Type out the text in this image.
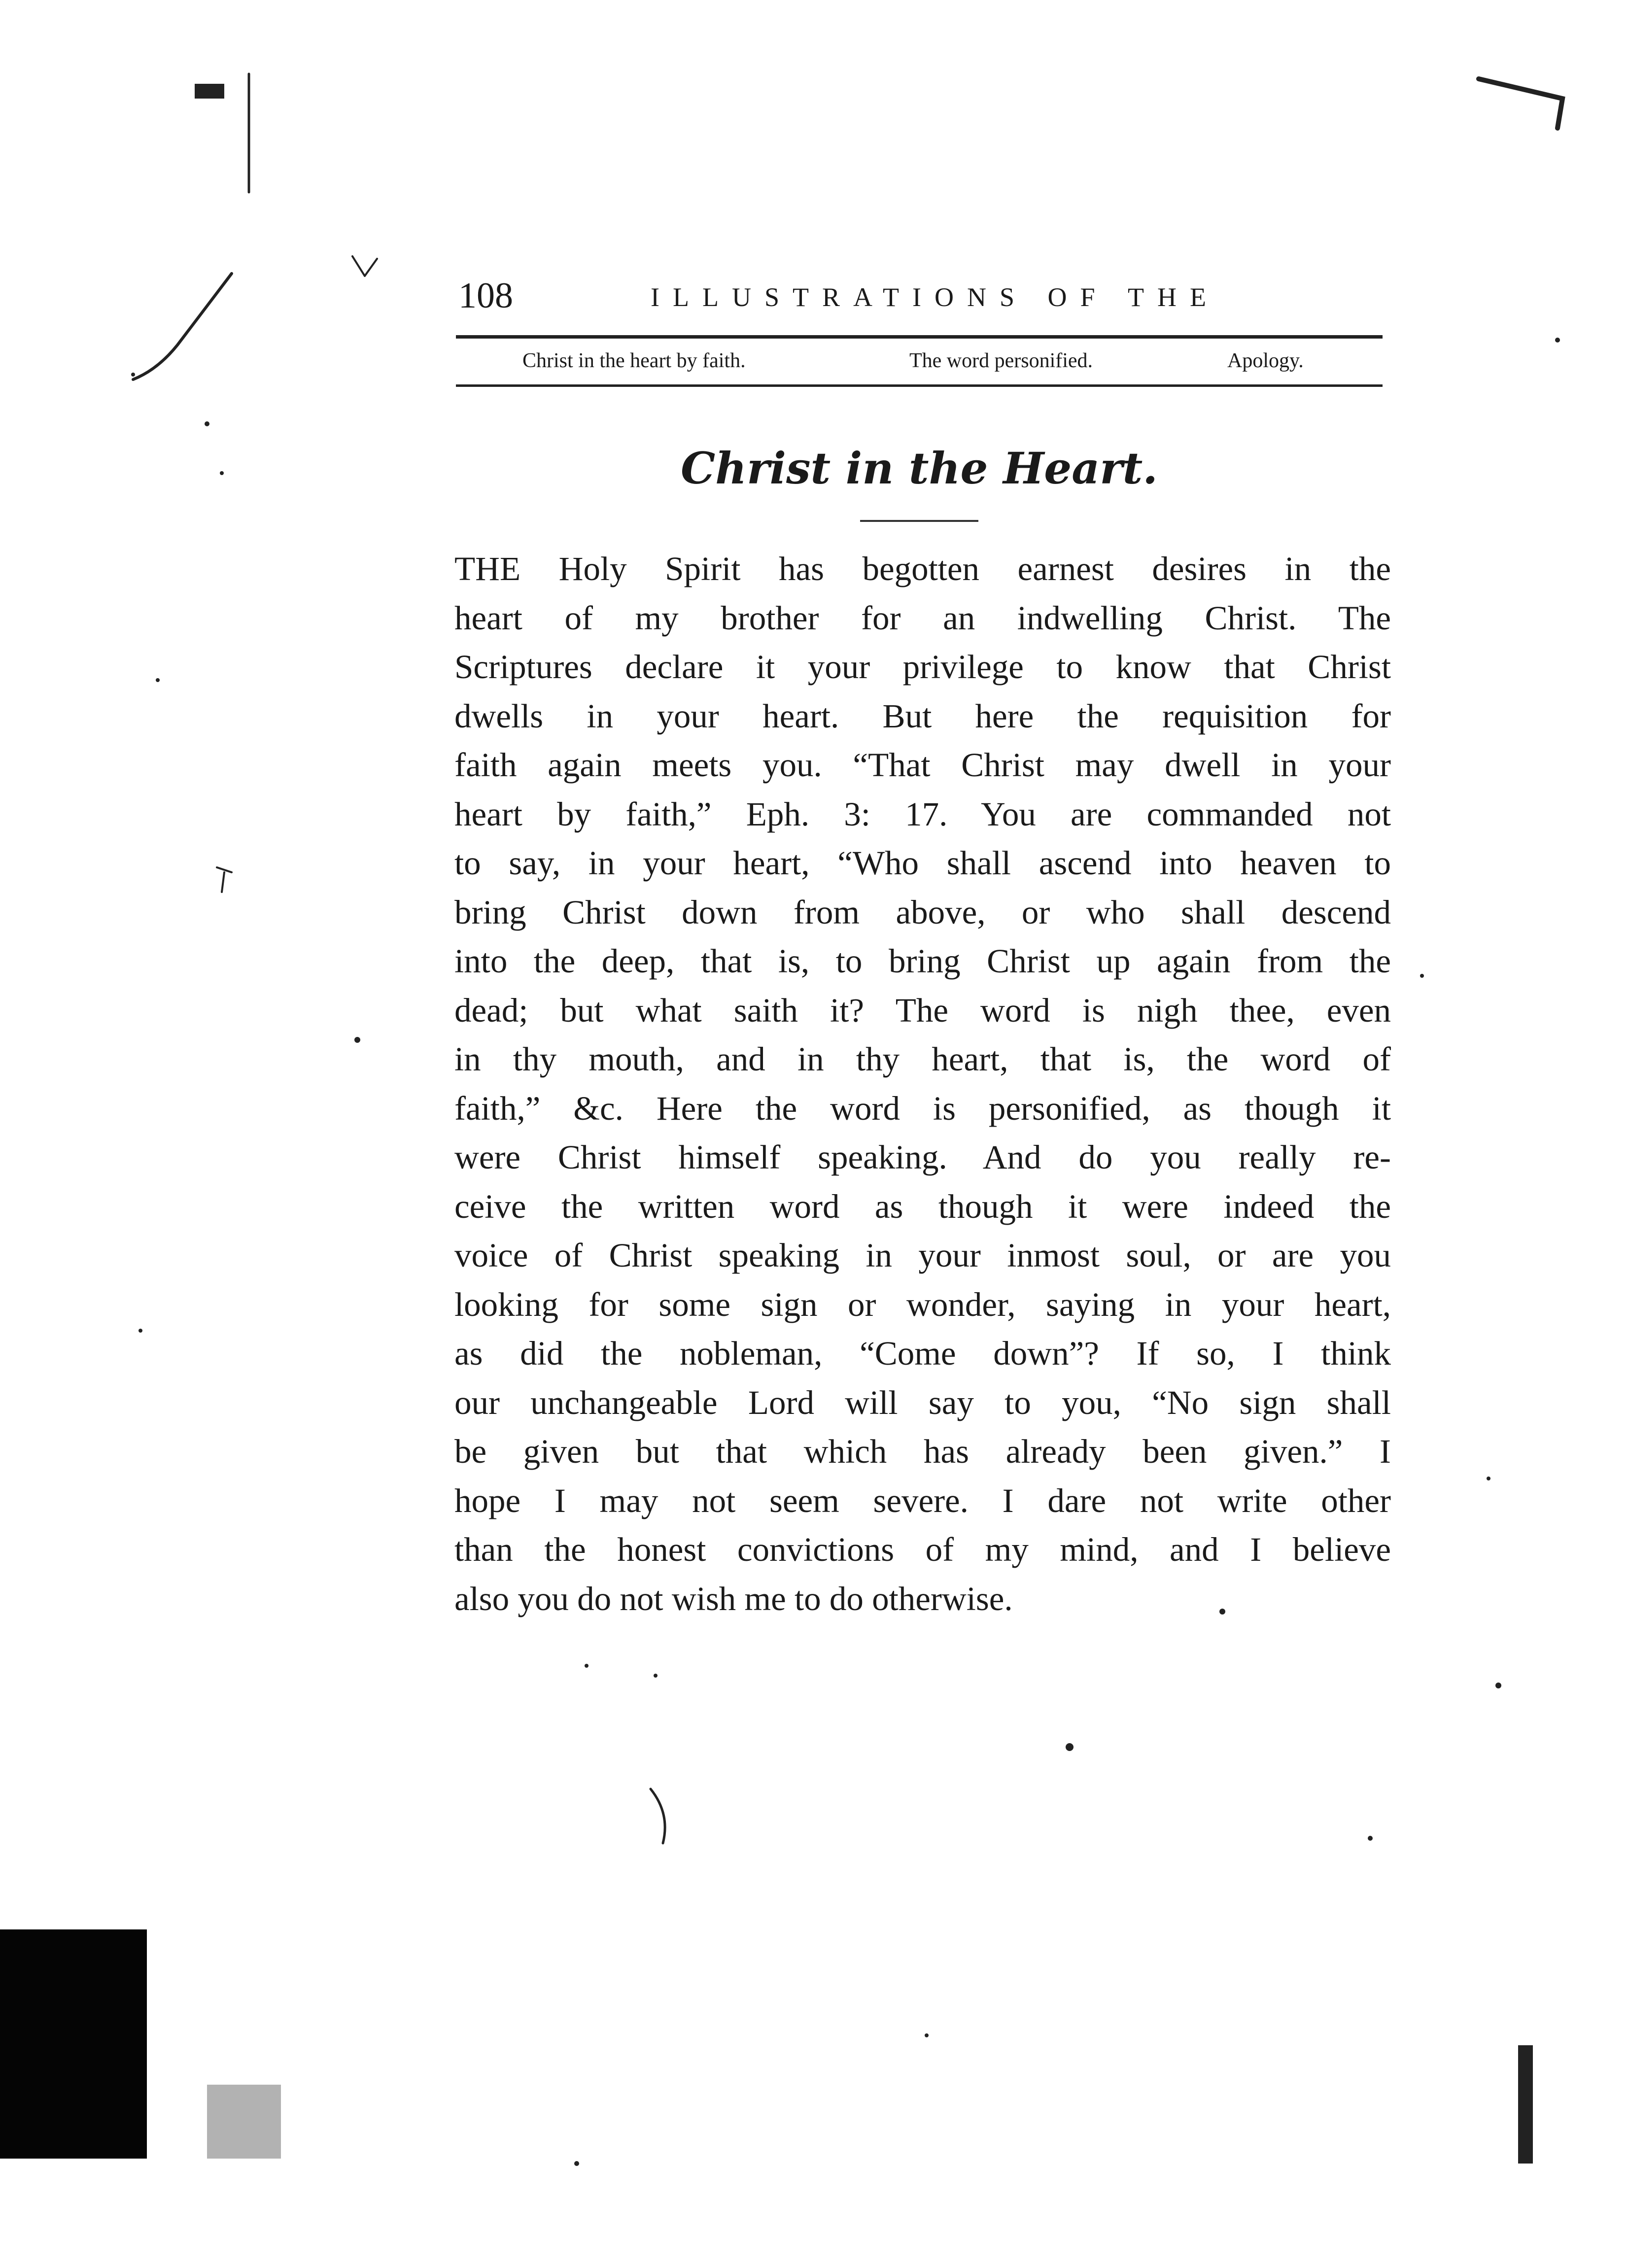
108	ILLUSTRATIONS OF THE
Christ in the heart by faith.	The word personified.	Apology.
Christ in the Heart.
THE Holy Spirit has begotten earnest desires in the
heart of my brother for an indwelling Christ. The
Scriptures declare it your privilege to know that Christ
dwells in your heart. But here the requisition for
faith again meets you. “That Christ may dwell in your
heart by faith,” Eph. 3: 17. You are commanded not
to say, in your heart, “Who shall ascend into heaven to
bring Christ down from above, or who shall descend
into the deep, that is, to bring Christ up again from the
dead; but what saith it? The word is nigh thee, even
in thy mouth, and in thy heart, that is, the word of
faith,” &c. Here the word is personified, as though it
were Christ himself speaking. And do you really re-
ceive the written word as though it were indeed the
voice of Christ speaking in your inmost soul, or are you
looking for some sign or wonder, saying in your heart,
as did the nobleman, “Come down”? If so, I think
our unchangeable Lord will say to you, “No sign shall
be given but that which has already been given.” I
hope I may not seem severe. I dare not write other
than the honest convictions of my mind, and I believe
also you do not wish me to do otherwise.
